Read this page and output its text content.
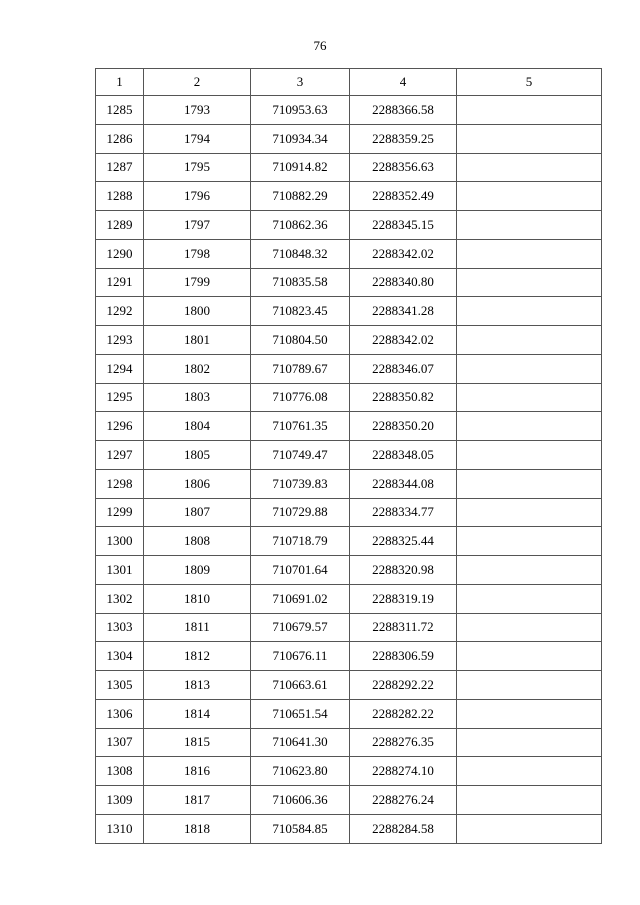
76
1	2	3	4	5
1285	1793	710953.63	2288366.58	
1286	1794	710934.34	2288359.25	
1287	1795	710914.82	2288356.63	
1288	1796	710882.29	2288352.49	
1289	1797	710862.36	2288345.15	
1290	1798	710848.32	2288342.02	
1291	1799	710835.58	2288340.80	
1292	1800	710823.45	2288341.28	
1293	1801	710804.50	2288342.02	
1294	1802	710789.67	2288346.07	
1295	1803	710776.08	2288350.82	
1296	1804	710761.35	2288350.20	
1297	1805	710749.47	2288348.05	
1298	1806	710739.83	2288344.08	
1299	1807	710729.88	2288334.77	
1300	1808	710718.79	2288325.44	
1301	1809	710701.64	2288320.98	
1302	1810	710691.02	2288319.19	
1303	1811	710679.57	2288311.72	
1304	1812	710676.11	2288306.59	
1305	1813	710663.61	2288292.22	
1306	1814	710651.54	2288282.22	
1307	1815	710641.30	2288276.35	
1308	1816	710623.80	2288274.10	
1309	1817	710606.36	2288276.24	
1310	1818	710584.85	2288284.58	
